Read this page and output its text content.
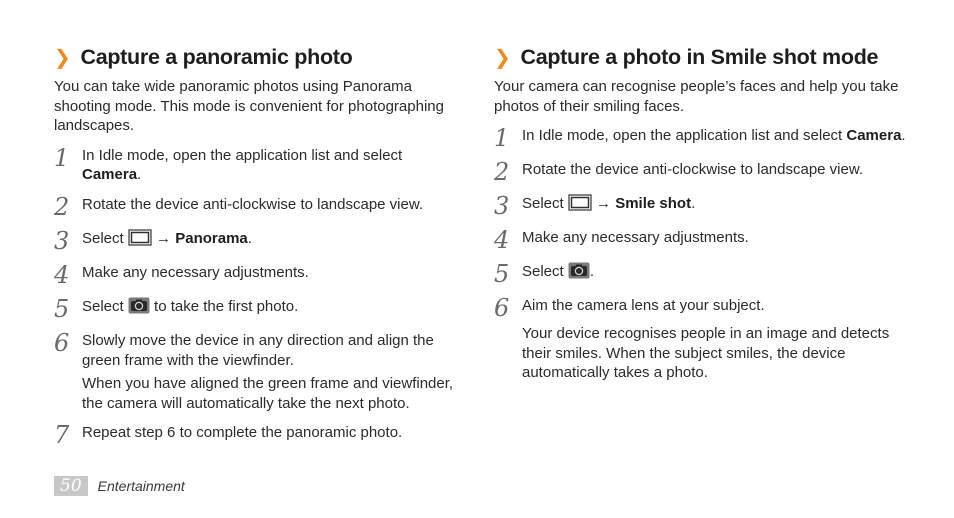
❯ Capture a panoramic photo
You can take wide panoramic photos using Panorama shooting mode. This mode is convenient for photographing landscapes.
1 In Idle mode, open the application list and select Camera.
2 Rotate the device anti-clockwise to landscape view.
3 Select  → Panorama.
4 Make any necessary adjustments.
5 Select  to take the first photo.
6 Slowly move the device in any direction and align the green frame with the viewfinder.
When you have aligned the green frame and viewfinder, the camera will automatically take the next photo.
7 Repeat step 6 to complete the panoramic photo.
❯ Capture a photo in Smile shot mode
Your camera can recognise people’s faces and help you take photos of their smiling faces.
1 In Idle mode, open the application list and select Camera.
2 Rotate the device anti-clockwise to landscape view.
3 Select  → Smile shot.
4 Make any necessary adjustments.
5 Select .
6 Aim the camera lens at your subject.
Your device recognises people in an image and detects their smiles. When the subject smiles, the device automatically takes a photo.
50	Entertainment
